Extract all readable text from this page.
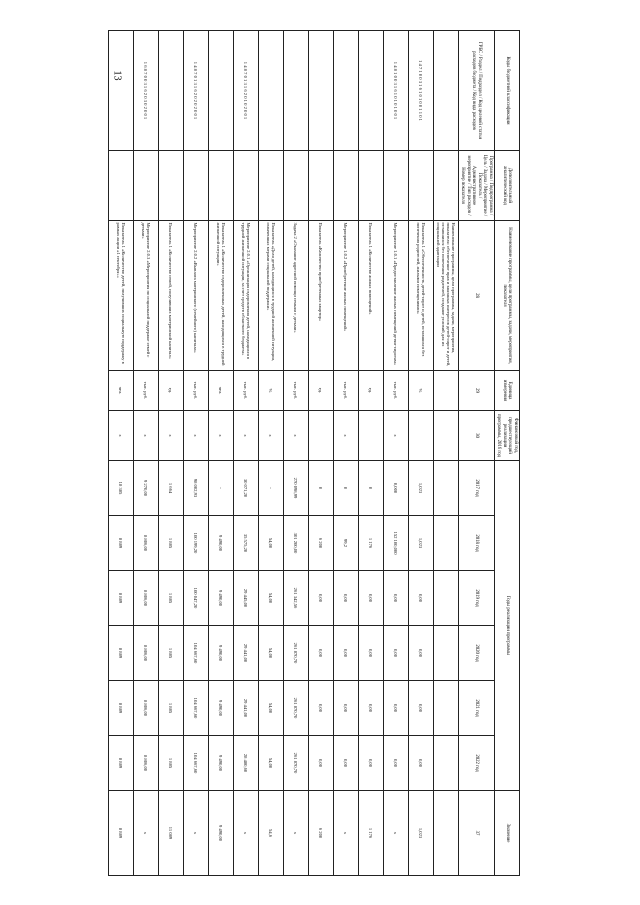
13	Коды бюджетной классификации	Дополнительный аналитический код	Наименование программы, цели программы, задачи, мероприятия, показателя	Единица измерения	Финансовый год, предшествующий реализации программы, 2016 год	Годы реализации программы						Значение
ГРБС / Раздел / Подраздел / Код целевой статьи расходов бюджета / Код вида расходов	Программа / Подпрограмма / Цель / Задача / Мероприятие / Показатель / Административное мероприятие / Тип расходов / Номер показателя	28	29	30	2017 год	2018 год	2019 год	2020 год	2021 год	2022 год	37
		Наименование программы, цели программы, задачи, мероприятия, показателя: обеспечение прав и законных интересов детей-сирот и детей, оставшихся без попечения родителей, создание условий для их социальной адаптации									
1 4 7 1 0 0 3 1 6 1 0 1 0 0 1 1 0 1		Показатель 1 «Обеспеченность детей-сирот и детей, оставшихся без попечения родителей, жилыми помещениями»	%		1,023	1,023	0,00	0,00	0,00	0,00	1,023
1 4 8 1 0 0 3 1 6 1 0 1 0 1 0 0 1		Мероприятие 1.0.1 «Предоставление жилых помещений детям-сиротам»	тыс. руб.	х	0,000	152 100,000	0,00	0,00	0,00	0,00	х
		Показатель 1 «Количество жилых помещений»	ед.		0	1 176	0,00	0,00	0,00	0,00	1 176
		Мероприятие 1.0.2 «Приобретение жилых помещений»	тыс. руб.	х	0	99,2	0,00	0,00	0,00	0,00	х
		Показатель «Количество приобретенных квартир»	ед.		0	6 200	0,00	0,00	0,00	0,00	6 200
		Задача 2 «Оказание адресной помощи семьям с детьми»	тыс. руб.	х	270 098,99	301 200,00	261 342,56	261 870,70	261 870,70	261 870,70	х
		Показатель «Доля детей, находящихся в трудной жизненной ситуации, охваченных мерами социальной поддержки»	%	х	-	54,00	54,00	54,00	54,00	54,00	54,6
1 4 8 7 0 1 3 1 6 2 0 1 0 2 0 0 1		Мероприятие 2.0.1 «Организация оздоровления детей, находящихся в трудной жизненной ситуации, за счет средств областного бюджета»	тыс. руб.	х	30 071,20	35 575,20	29 445,00	29 441,00	29 441,00	28 480,60	х
		Показатель 1 «Количество оздоровленных детей, находящихся в трудной жизненной ситуации»	чел.	х	-	9 490,00	9 490,00	9 490,00	9 490,00	9 490,00	9 490,00
1 4 8 7 0 1 3 1 6 2 0 2 0 2 0 0 1		Мероприятие 2.0.2 «Выплата материнского (семейного) капитала»	тыс. руб.	х	98 002,93	100 199,20	100 047,20	104 667,60	104 667,60	104 667,60	х
		Показатель 1 «Количество семей, получивших материнский капитал»	ед.	х	1 664	1 885	1 885	1 885	1 885	1 885	11 089
1 6 8 7 0 0 3 1 6 2 0 3 0 2 0 0 1		Мероприятие 2.0.3 «Мероприятия по социальной поддержке семей с детьми»	тыс. руб.	х	9 270,00	8 806,00	8 806,00	8 806,00	8 806,00	8 806,00	х
		Показатель 1 «Количество детей, получивших социальную поддержку в рамках акции «1 сентября»»	чел.	х	18 385	8 889	8 889	8 889	8 889	8 889	8 889
